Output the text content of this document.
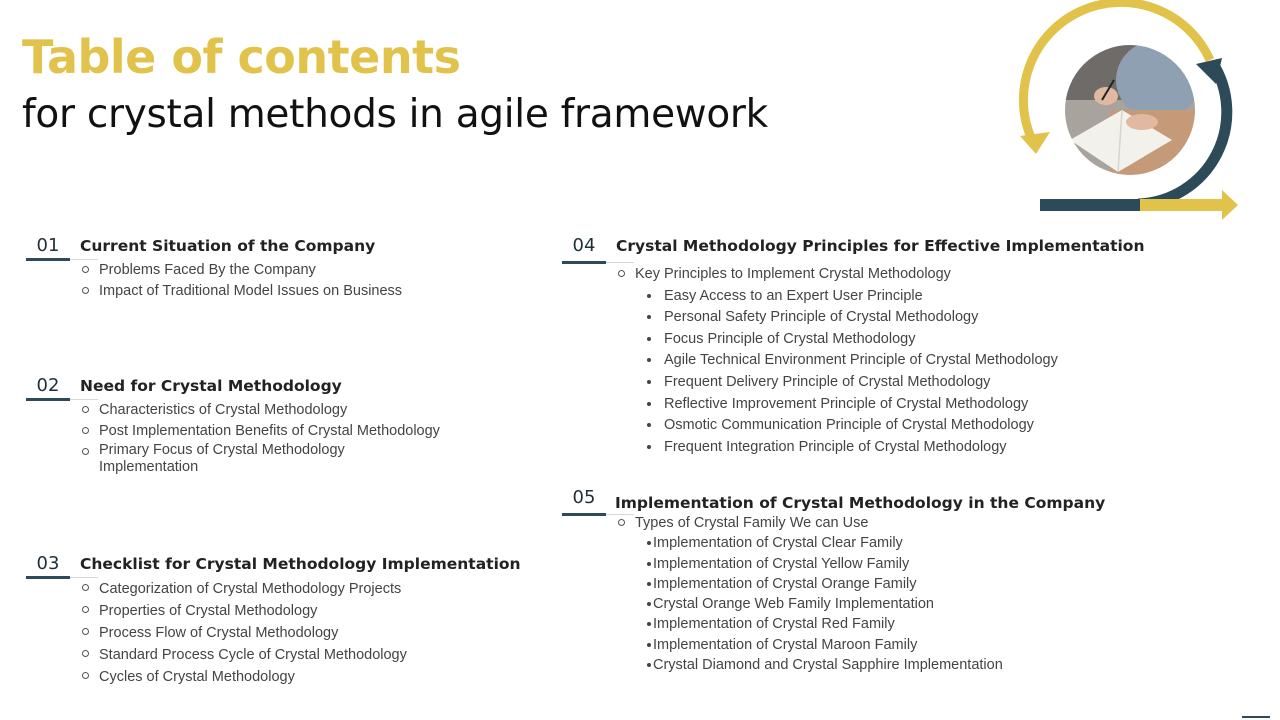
Table of contents
for crystal methods in agile framework
01	Current Situation of the Company
Problems Faced By the Company
Impact of Traditional Model Issues on Business
02	Need for Crystal Methodology
Characteristics of Crystal Methodology
Post Implementation Benefits of Crystal Methodology
Primary Focus of Crystal Methodology Implementation
03	Checklist for Crystal Methodology Implementation
Categorization of Crystal Methodology Projects
Properties of Crystal Methodology
Process Flow of Crystal Methodology
Standard Process Cycle of Crystal Methodology
Cycles of Crystal Methodology
04	Crystal Methodology Principles for Effective Implementation
Key Principles to Implement Crystal Methodology
Easy Access to an Expert User Principle
Personal Safety Principle of Crystal Methodology
Focus Principle of Crystal Methodology
Agile Technical Environment Principle of Crystal Methodology
Frequent Delivery Principle of Crystal Methodology
Reflective Improvement Principle of Crystal Methodology
Osmotic Communication Principle of Crystal Methodology
Frequent Integration Principle of Crystal Methodology
05	Implementation of Crystal Methodology in the Company
Types of Crystal Family We can Use
Implementation of Crystal Clear Family
Implementation of Crystal Yellow Family
Implementation of Crystal Orange Family
Crystal Orange Web Family Implementation
Implementation of Crystal Red Family
Implementation of Crystal Maroon Family
Crystal Diamond and Crystal Sapphire Implementation
